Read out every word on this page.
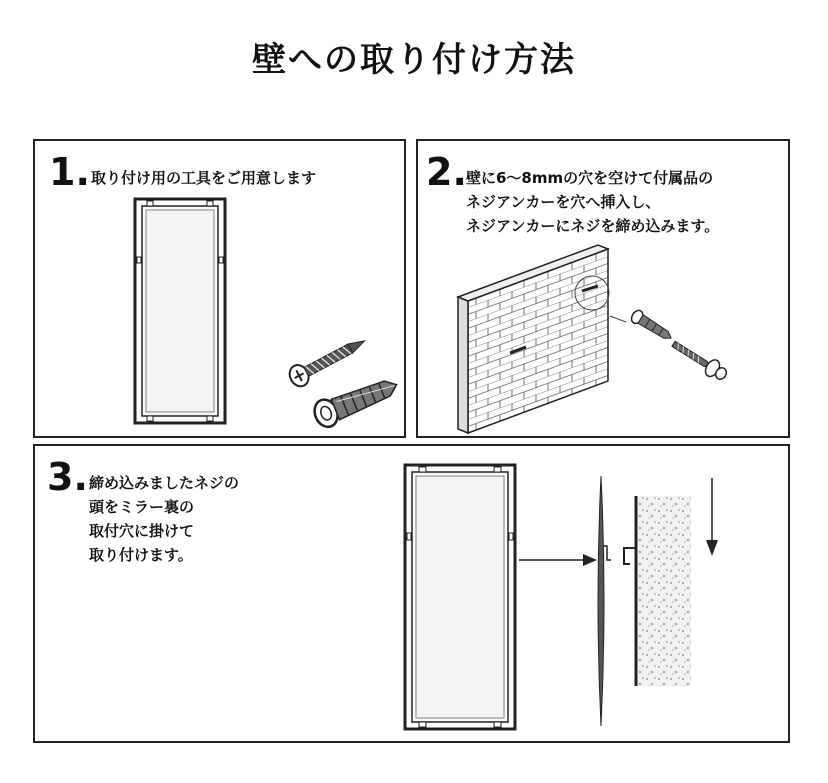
壁への取り付け方法
1. 取り付け用の工具をご用意します	2. 壁に6～8mmの穴を空けて付属品の
ネジアンカーを穴へ挿入し、
ネジアンカーにネジを締め込みます。
3. 締め込みましたネジの
頭をミラー裏の
取付穴に掛けて
取り付けます。
